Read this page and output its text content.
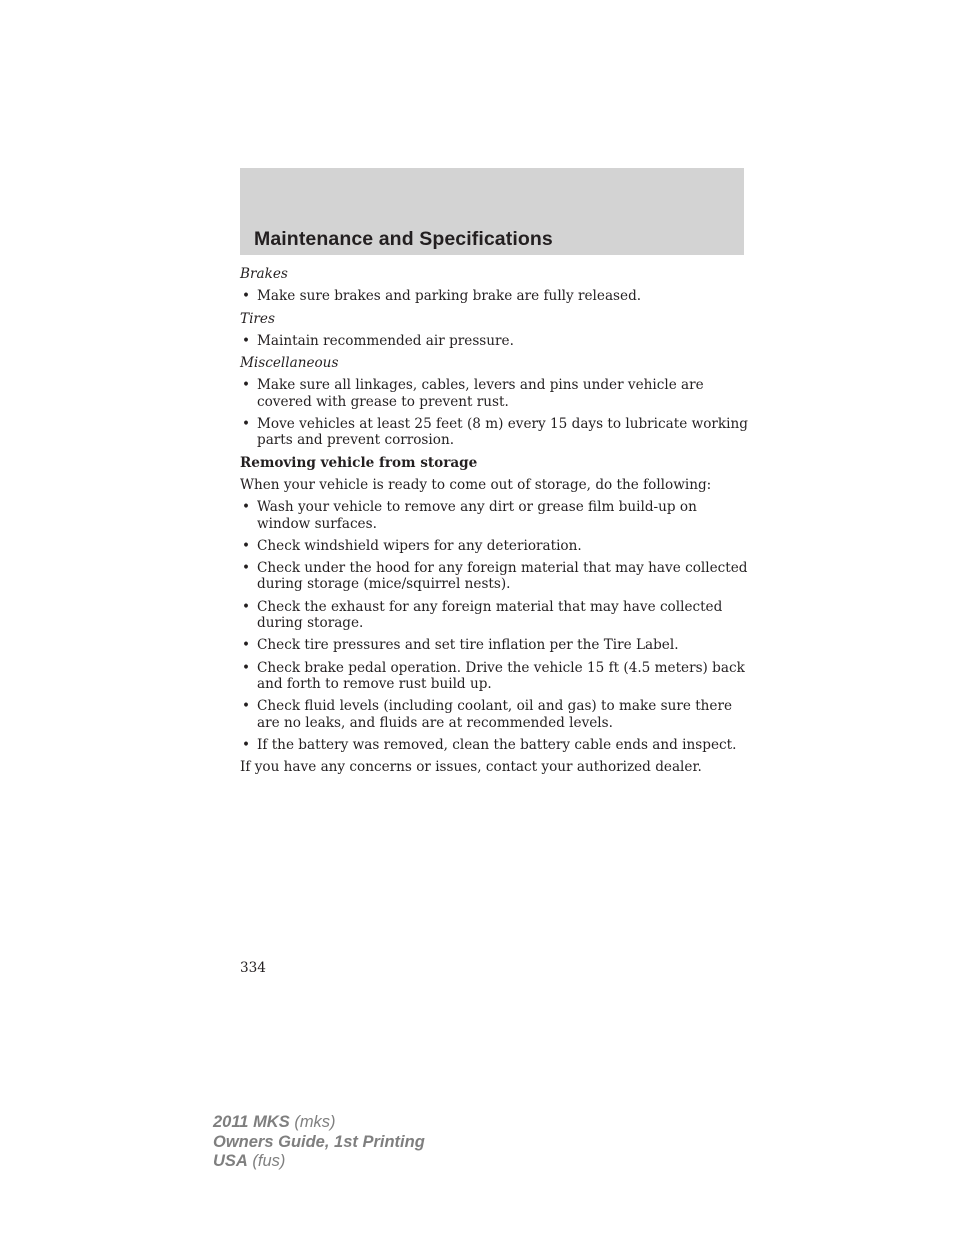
Maintenance and Specifications

Brakes

• Make sure brakes and parking brake are fully released.

Tires

• Maintain recommended air pressure.

Miscellaneous

• Make sure all linkages, cables, levers and pins under vehicle are covered with grease to prevent rust.
• Move vehicles at least 25 feet (8 m) every 15 days to lubricate working parts and prevent corrosion.

Removing vehicle from storage

When your vehicle is ready to come out of storage, do the following:

• Wash your vehicle to remove any dirt or grease film build-up on window surfaces.
• Check windshield wipers for any deterioration.
• Check under the hood for any foreign material that may have collected during storage (mice/squirrel nests).
• Check the exhaust for any foreign material that may have collected during storage.
• Check tire pressures and set tire inflation per the Tire Label.
• Check brake pedal operation. Drive the vehicle 15 ft (4.5 meters) back and forth to remove rust build up.
• Check fluid levels (including coolant, oil and gas) to make sure there are no leaks, and fluids are at recommended levels.
• If the battery was removed, clean the battery cable ends and inspect.

If you have any concerns or issues, contact your authorized dealer.

334
2011 MKS (mks)
Owners Guide, 1st Printing
USA (fus)
